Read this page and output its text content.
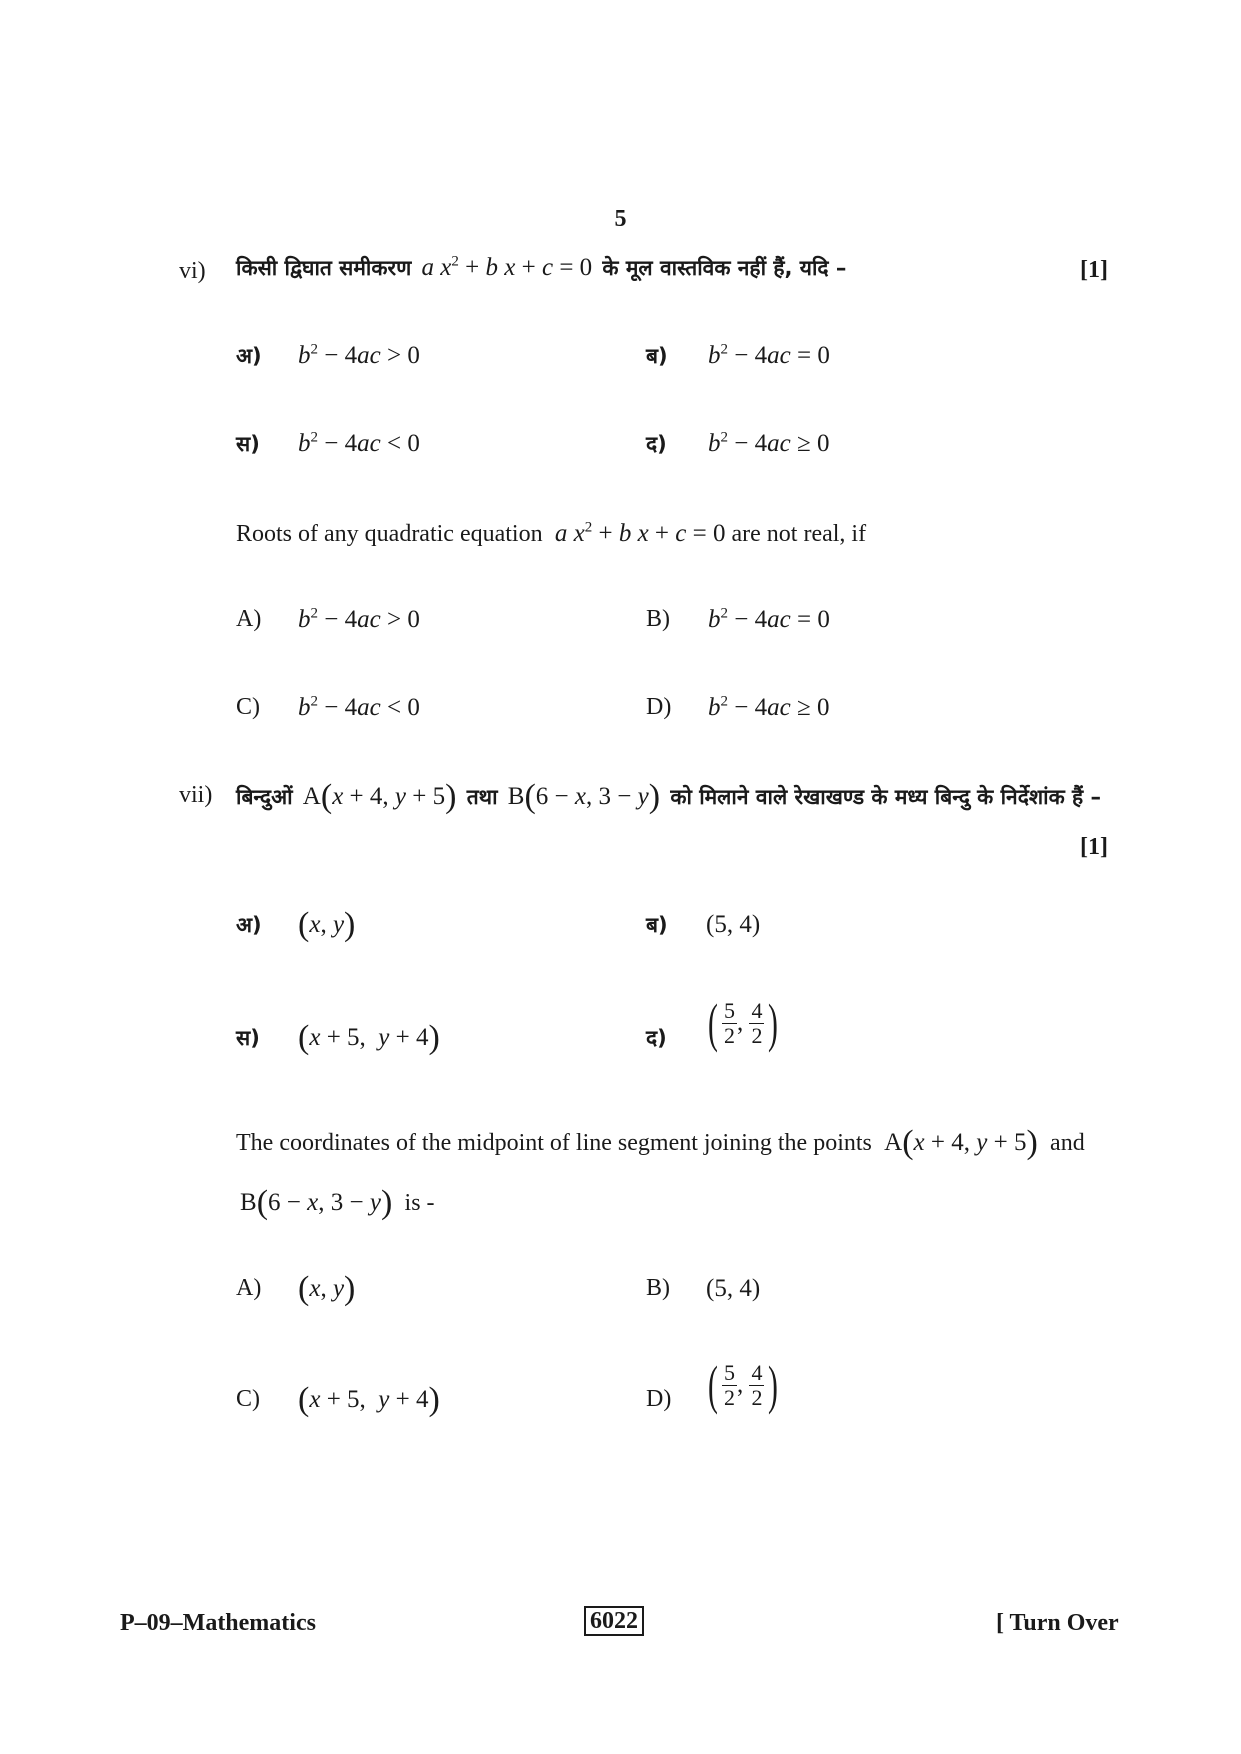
5
vi) किसी द्विघात समीकरण a $x^2 + b$ x + c = 0  के मूल वास्तविक नहीं हैं, यदि –	[1]
अ) $b^2 - 4ac > 0$	ब) $b^2 - 4ac = 0$
स) $b^2 - 4ac < 0$	द) $b^2 - 4ac \ge 0$
Roots of any quadratic equation a $x^2 + b$ x + c = 0 are not real, if
A) $b^2 - 4ac > 0$	B) $b^2 - 4ac = 0$
C) $b^2 - 4ac < 0$	D) $b^2 - 4ac \ge 0$
vii) बिन्दुओं  A(x + 4, y + 5) तथा  B(6 − x, 3 − y) को मिलाने वाले रेखाखण्ड के मध्य बिन्दु के निर्देशांक हैं –
[1]
अ) (x, y)	ब) (5, 4)
स) (x + 5,  y + 4)	द) ( $\frac{5}{2}$ , $\frac{4}{2}$ )
The coordinates of the midpoint of line segment joining the points  A(x + 4, y + 5) and
B(6 − x, 3 − y) is -
A) (x, y)	B) (5, 4)
C) (x + 5,  y + 4)	D) ( $\frac{5}{2}$ , $\frac{4}{2}$ )
P–09–Mathematics	6022	[ Turn Over
